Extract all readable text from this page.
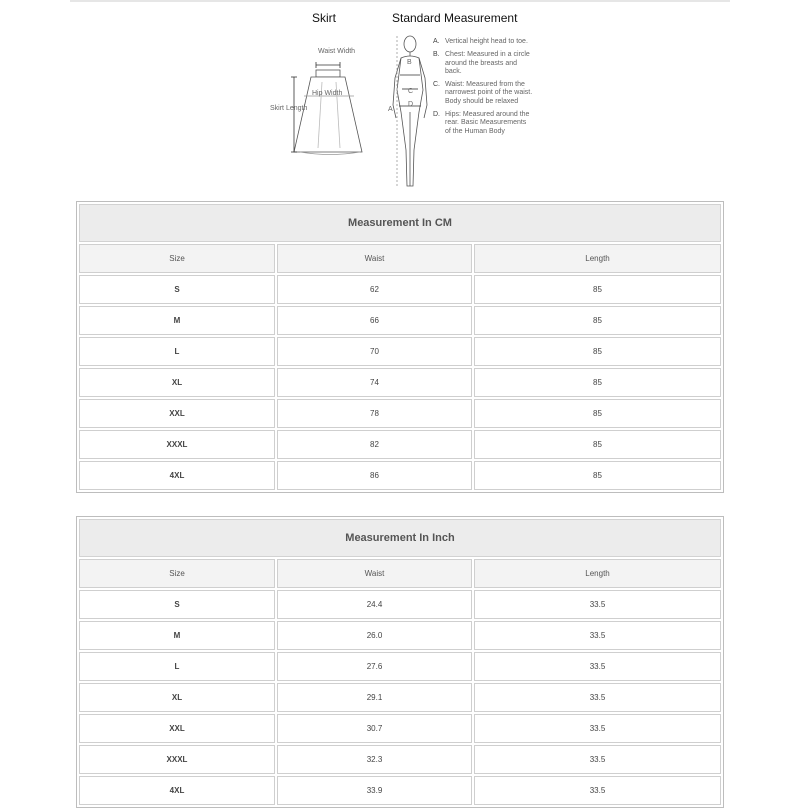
Skirt	Standard Measurement
Waist Width
Hip Width
Skirt Length
B
C
D
A
A. Vertical height head to toe.
B. Chest: Measured in a circle around the breasts and back.
C. Waist: Measured from the narrowest point of the waist. Body should be relaxed
D. Hips: Measured around the rear. Basic Measurements of the Human Body
Measurement In CM
Size	Waist	Length
S	62	85
M	66	85
L	70	85
XL	74	85
XXL	78	85
XXXL	82	85
4XL	86	85
Measurement In Inch
Size	Waist	Length
S	24.4	33.5
M	26.0	33.5
L	27.6	33.5
XL	29.1	33.5
XXL	30.7	33.5
XXXL	32.3	33.5
4XL	33.9	33.5
